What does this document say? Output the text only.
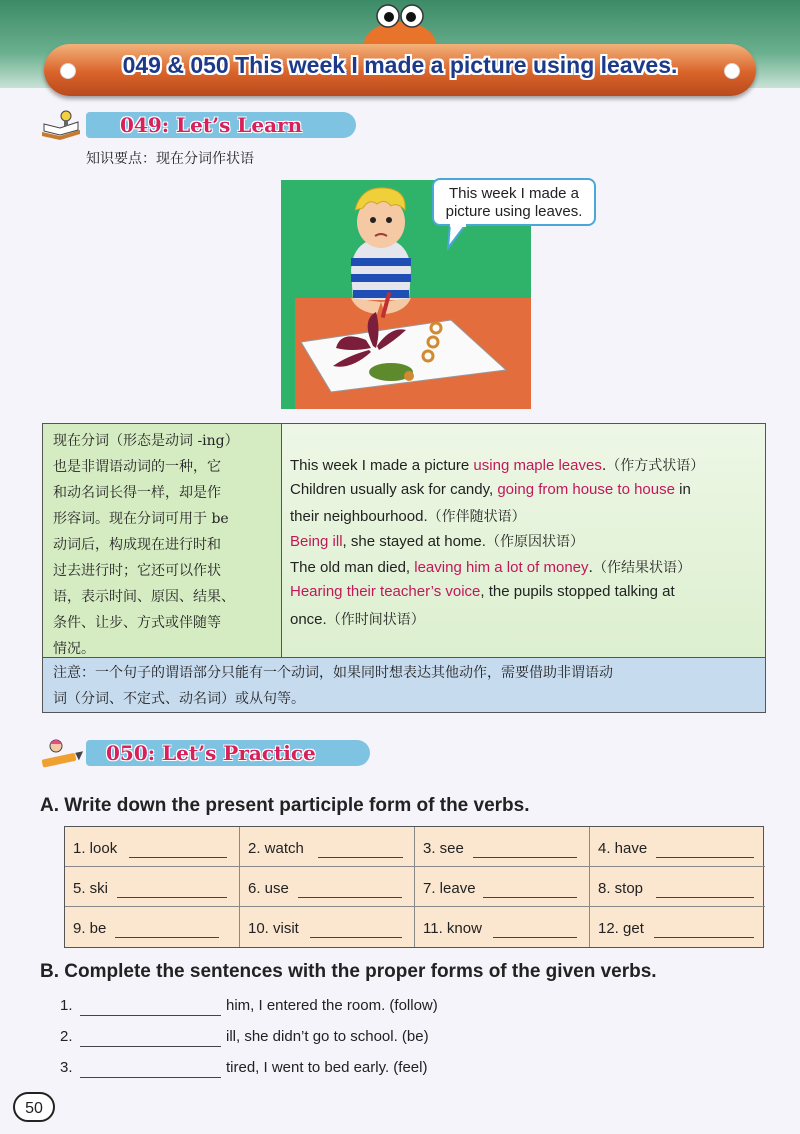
049 & 050 This week I made a picture using leaves.
049: Let’s Learn
知识要点：现在分词作状语
This week I made a picture using leaves.
现在分词（形态是动词 -ing）
也是非谓语动词的一种，它
和动名词长得一样，却是作
形容词。现在分词可用于 be
动词后，构成现在进行时和
过去进行时；它还可以作状
语，表示时间、原因、结果、
条件、让步、方式或伴随等
情况。
This week I made a picture using maple leaves.（作方式状语）
Children usually ask for candy, going from house to house in
their neighbourhood.（作伴随状语）
Being ill, she stayed at home.（作原因状语）
The old man died, leaving him a lot of money.（作结果状语）
Hearing their teacher’s voice, the pupils stopped talking at
once.（作时间状语）
注意：一个句子的谓语部分只能有一个动词，如果同时想表达其他动作，需要借助非谓语动
词（分词、不定式、动名词）或从句等。
050: Let’s Practice
A. Write down the present participle form of the verbs.
1. look	2. watch	3. see	4. have
5. ski	6. use	7. leave	8. stop
9. be	10. visit	11. know	12. get
B. Complete the sentences with the proper forms of the given verbs.
1.	him, I entered the room. (follow)
2.	ill, she didn’t go to school. (be)
3.	tired, I went to bed early. (feel)
50
